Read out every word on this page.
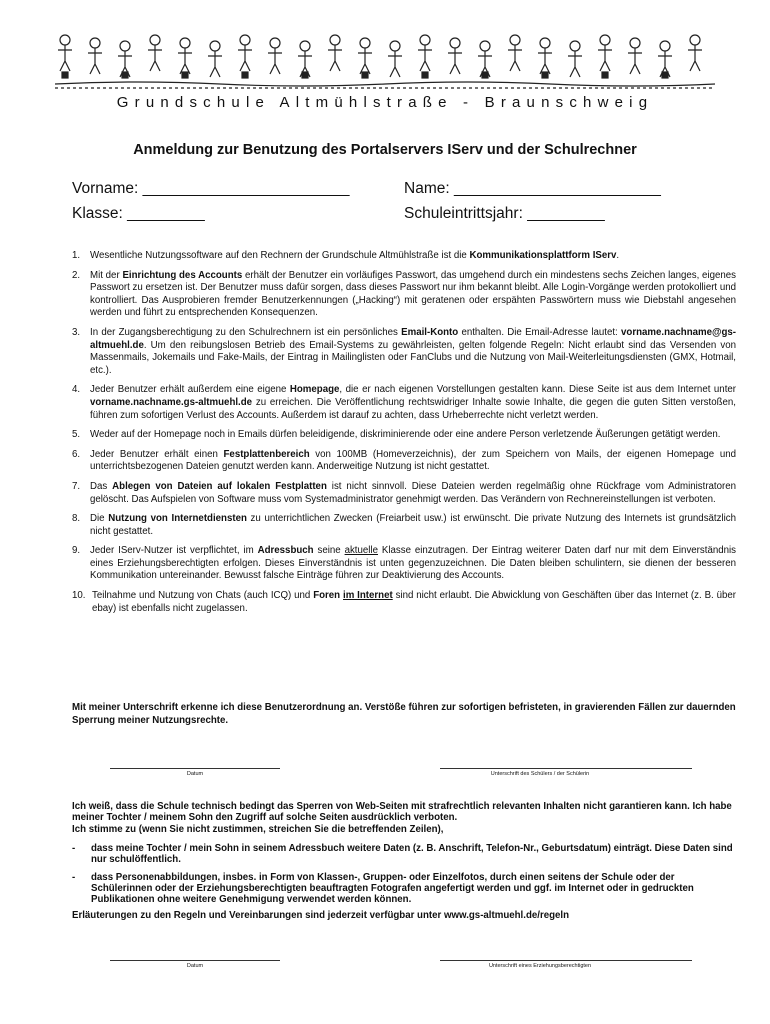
Grundschule Altmühlstraße - Braunschweig
Anmeldung zur Benutzung des Portalservers IServ und der Schulrechner
Vorname: ________________________	Name: ________________________
Klasse: _________	Schuleintrittsjahr: _________
1. Wesentliche Nutzungssoftware auf den Rechnern der Grundschule Altmühlstraße ist die Kommunikationsplattform IServ.
2. Mit der Einrichtung des Accounts erhält der Benutzer ein vorläufiges Passwort, das umgehend durch ein mindestens sechs Zeichen langes, eigenes Passwort zu ersetzen ist. Der Benutzer muss dafür sorgen, dass dieses Passwort nur ihm bekannt bleibt. Alle Login-Vorgänge werden protokolliert und kontrolliert. Das Ausprobieren fremder Benutzerkennungen („Hacking“) mit geratenen oder erspähten Passwörtern muss wie Diebstahl angesehen werden und führt zu entsprechenden Konsequenzen.
3. In der Zugangsberechtigung zu den Schulrechnern ist ein persönliches Email-Konto enthalten. Die Email-Adresse lautet: vorname.nachname@gs-altmuehl.de. Um den reibungslosen Betrieb des Email-Systems zu gewährleisten, gelten folgende Regeln: Nicht erlaubt sind das Versenden von Massenmails, Jokemails und Fake-Mails, der Eintrag in Mailinglisten oder FanClubs und die Nutzung von Mail-Weiterleitungsdiensten (GMX, Hotmail, etc.).
4. Jeder Benutzer erhält außerdem eine eigene Homepage, die er nach eigenen Vorstellungen gestalten kann. Diese Seite ist aus dem Internet unter vorname.nachname.gs-altmuehl.de zu erreichen. Die Veröffentlichung rechtswidriger Inhalte sowie Inhalte, die gegen die guten Sitten verstoßen, führen zum sofortigen Verlust des Accounts. Außerdem ist darauf zu achten, dass Urheberrechte nicht verletzt werden.
5. Weder auf der Homepage noch in Emails dürfen beleidigende, diskriminierende oder eine andere Person verletzende Äußerungen getätigt werden.
6. Jeder Benutzer erhält einen Festplattenbereich von 100MB (Homeverzeichnis), der zum Speichern von Mails, der eigenen Homepage und unterrichtsbezogenen Dateien genutzt werden kann. Anderweitige Nutzung ist nicht gestattet.
7. Das Ablegen von Dateien auf lokalen Festplatten ist nicht sinnvoll. Diese Dateien werden regelmäßig ohne Rückfrage vom Administratoren gelöscht. Das Aufspielen von Software muss vom Systemadministrator genehmigt werden. Das Verändern von Rechnereinstellungen ist verboten.
8. Die Nutzung von Internetdiensten zu unterrichtlichen Zwecken (Freiarbeit usw.) ist erwünscht. Die private Nutzung des Internets ist grundsätzlich nicht gestattet.
9. Jeder IServ-Nutzer ist verpflichtet, im Adressbuch seine aktuelle Klasse einzutragen. Der Eintrag weiterer Daten darf nur mit dem Einverständnis eines Erziehungsberechtigten erfolgen. Dieses Einverständnis ist unten gegenzuzeichnen. Die Daten bleiben schulintern, sie dienen der besseren Kommunikation untereinander. Bewusst falsche Einträge führen zur Deaktivierung des Accounts.
10. Teilnahme und Nutzung von Chats (auch ICQ) und Foren im Internet sind nicht erlaubt. Die Abwicklung von Geschäften über das Internet (z. B. über ebay) ist ebenfalls nicht zugelassen.
Mit meiner Unterschrift erkenne ich diese Benutzerordnung an. Verstöße führen zur sofortigen befristeten, in gravierenden Fällen zur dauernden Sperrung meiner Nutzungsrechte.
Datum	Unterschrift des Schülers / der Schülerin
Ich weiß, dass die Schule technisch bedingt das Sperren von Web-Seiten mit strafrechtlich relevanten Inhalten nicht garantieren kann. Ich habe meiner Tochter / meinem Sohn den Zugriff auf solche Seiten ausdrücklich verboten.
Ich stimme zu (wenn Sie nicht zustimmen, streichen Sie die betreffenden Zeilen),
- dass meine Tochter / mein Sohn in seinem Adressbuch weitere Daten (z. B. Anschrift, Telefon-Nr., Geburtsdatum) einträgt. Diese Daten sind nur schulöffentlich.
- dass Personenabbildungen, insbes. in Form von Klassen-, Gruppen- oder Einzelfotos, durch einen seitens der Schule oder der Schülerinnen oder der Erziehungsberechtigten beauftragten Fotografen angefertigt werden und ggf. im Internet oder in gedruckten Publikationen ohne weitere Genehmigung verwendet werden können.
Erläuterungen zu den Regeln und Vereinbarungen sind jederzeit verfügbar unter www.gs-altmuehl.de/regeln
Datum	Unterschrift eines Erziehungsberechtigten
